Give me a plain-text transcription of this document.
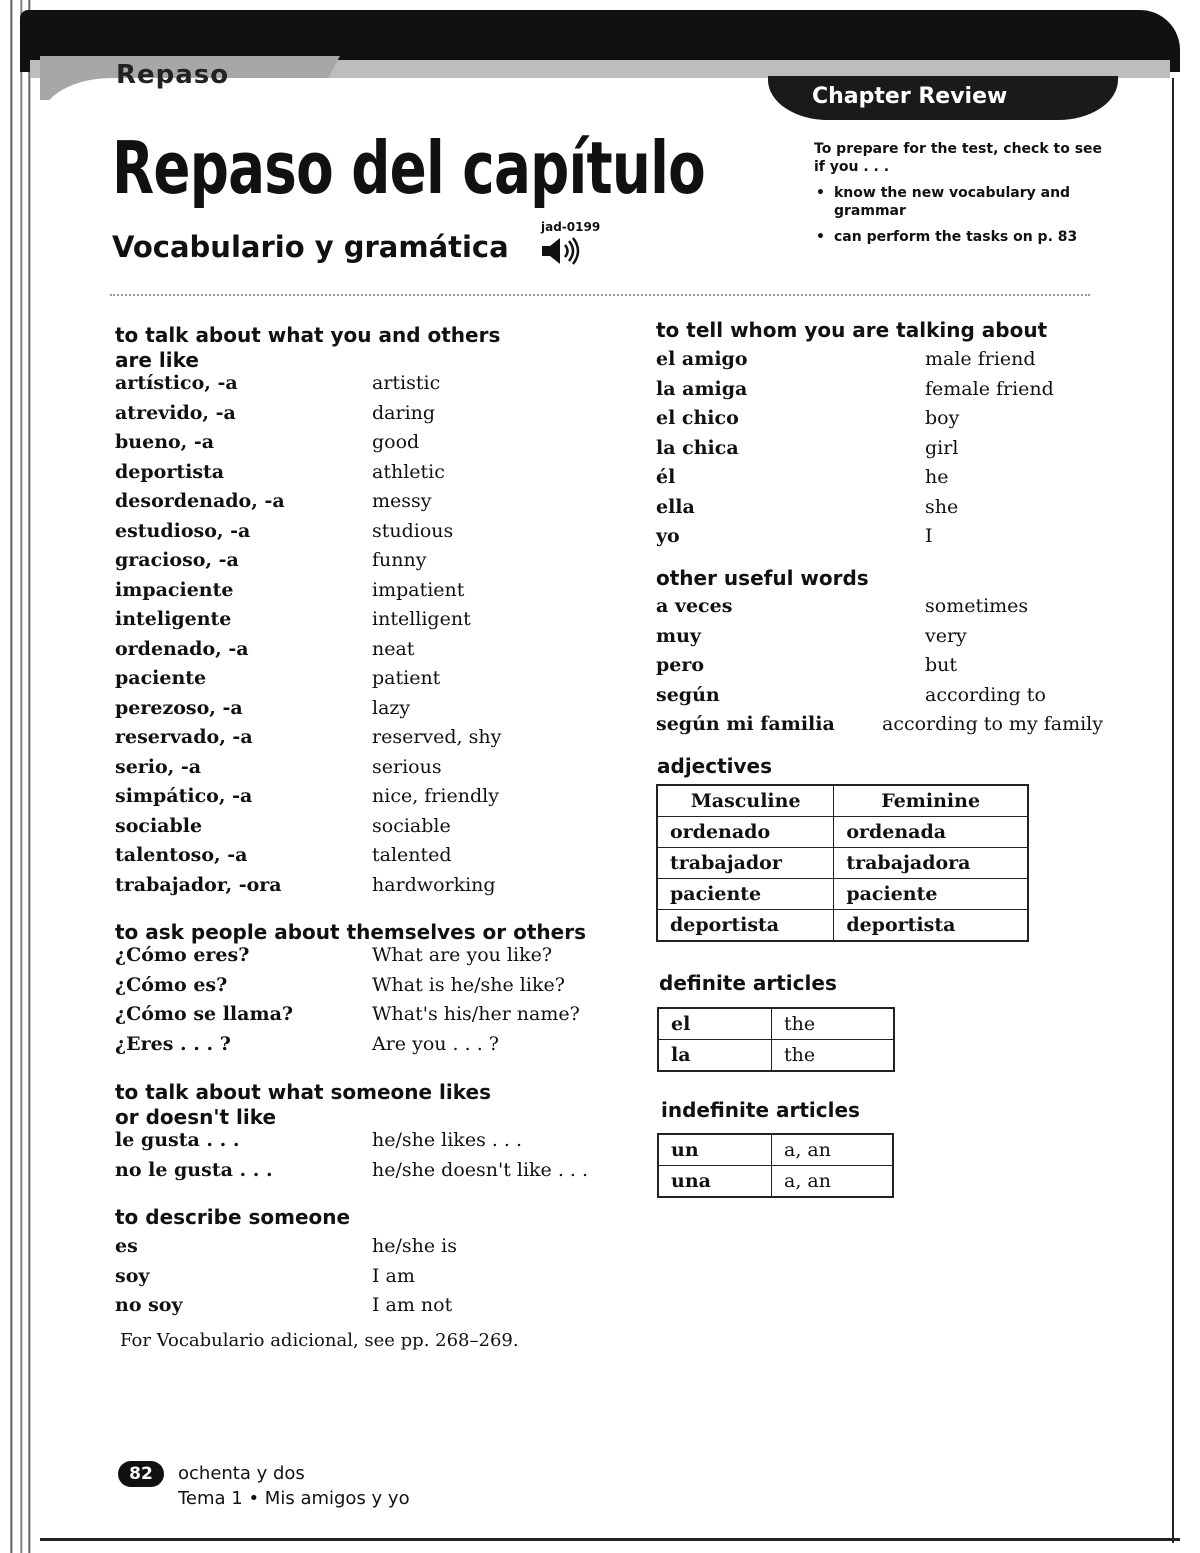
Repaso
Chapter Review
Repaso del capítulo
Vocabulario y gramática
jad-0199
To prepare for the test, check to see if you . . .
• know the new vocabulary and grammar
• can perform the tasks on p. 83
to talk about what you and others are like
artístico, -a	artistic
atrevido, -a	daring
bueno, -a	good
deportista	athletic
desordenado, -a	messy
estudioso, -a	studious
gracioso, -a	funny
impaciente	impatient
inteligente	intelligent
ordenado, -a	neat
paciente	patient
perezoso, -a	lazy
reservado, -a	reserved, shy
serio, -a	serious
simpático, -a	nice, friendly
sociable	sociable
talentoso, -a	talented
trabajador, -ora	hardworking
to ask people about themselves or others
¿Cómo eres?	What are you like?
¿Cómo es?	What is he/she like?
¿Cómo se llama?	What's his/her name?
¿Eres . . . ?	Are you . . . ?
to talk about what someone likes or doesn't like
le gusta . . .	he/she likes . . .
no le gusta . . .	he/she doesn't like . . .
to describe someone
es	he/she is
soy	I am
no soy	I am not
For Vocabulario adicional, see pp. 268–269.
to tell whom you are talking about
el amigo	male friend
la amiga	female friend
el chico	boy
la chica	girl
él	he
ella	she
yo	I
other useful words
a veces	sometimes
muy	very
pero	but
según	according to
según mi familia according to my family
adjectives
Masculine	Feminine
ordenado	ordenada
trabajador	trabajadora
paciente	paciente
deportista	deportista
definite articles
el	the
la	the
indefinite articles
un	a, an
una	a, an
82	ochenta y dos
Tema 1 • Mis amigos y yo
